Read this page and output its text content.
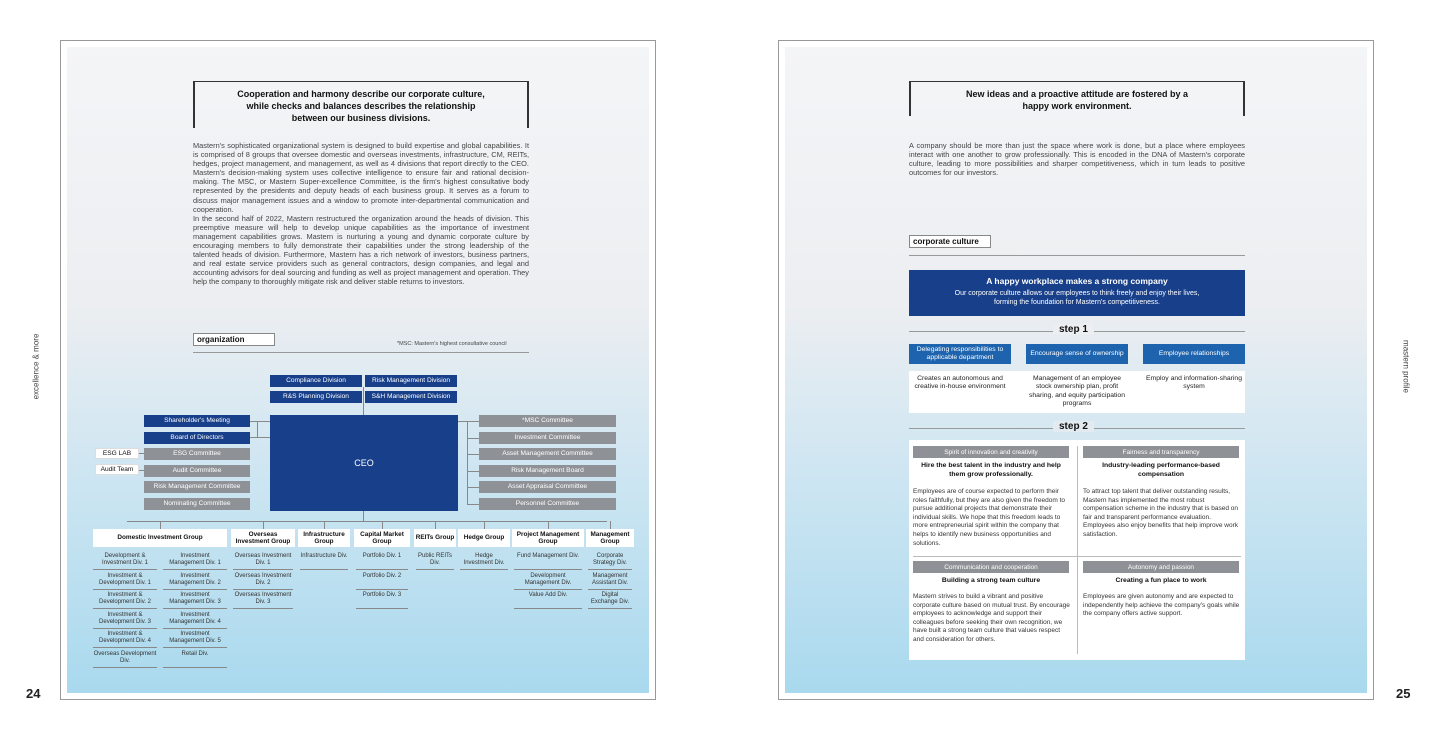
excellence & more	mastern profile
24	25
Cooperation and harmony describe our corporate culture,
while checks and balances describes the relationship
between our business divisions.

Mastern's sophisticated organizational system is designed to build expertise and global capabilities. It is comprised of 8 groups that oversee domestic and overseas investments, infrastructure, CM, REITs, hedges, project management, and management, as well as 4 divisions that report directly to the CEO. Mastern's decision-making system uses collective intelligence to ensure fair and rational decision-making. The MSC, or Mastern Super-excellence Committee, is the firm's highest consultative body represented by the presidents and deputy heads of each business group. It serves as a forum to discuss major management issues and a window to promote inter-departmental communication and cooperation.

In the second half of 2022, Mastern restructured the organization around the heads of division. This preemptive measure will help to develop unique capabilities as the importance of investment management capabilities grows. Mastern is nurturing a young and dynamic corporate culture by encouraging members to fully demonstrate their capabilities under the strong leadership of the talented heads of division. Furthermore, Mastern has a rich network of investors, business partners, and real estate service providers such as general contractors, design companies, and legal and accounting advisors for deal sourcing and funding as well as project management and operation. They help the company to thoroughly mitigate risk and deliver stable returns to investors.

organization	*MSC: Mastern's highest consultative council
Compliance Division	Risk Management Division
R&S Planning Division	S&H Management Division
CEO
Shareholder's Meeting
Board of Directors
ESG Committee
Audit Committee
Risk Management Committee
Nominating Committee
ESG LAB
Audit Team
*MSC Committee
Investment Committee
Asset Management Committee
Risk Management Board
Asset Appraisal Committee
Personnel Committee
Domestic Investment Group
Development & Investment Div. 1
Investment & Development Div. 1
Investment & Development Div. 2
Investment & Development Div. 3
Investment & Development Div. 4
Overseas Development Div.
Investment Management Div. 1
Investment Management Div. 2
Investment Management Div. 3
Investment Management Div. 4
Investment Management Div. 5
Retail Div.
Overseas Investment Group
Overseas Investment Div. 1
Overseas Investment Div. 2
Overseas Investment Div. 3
Infrastructure Group
Infrastructure Div.
Capital Market Group
Portfolio Div. 1
Portfolio Div. 2
Portfolio Div. 3
REITs Group
Public REITs Div.
Hedge Group
Hedge Investment Div.
Project Management Group
Fund Management Div.
Development Management Div.
Value Add Div.
Management Group
Corporate Strategy Div.
Management Assistant Div.
Digital Exchange Div.
New ideas and a proactive attitude are fostered by a
happy work environment.

A company should be more than just the space where work is done, but a place where employees interact with one another to grow professionally. This is encoded in the DNA of Mastern's corporate culture, leading to more possibilities and sharper competitiveness, which in turn leads to positive outcomes for our investors.

corporate culture
A happy workplace makes a strong company
Our corporate culture allows our employees to think freely and enjoy their lives,
forming the foundation for Mastern's competitiveness.
step 1
Delegating responsibilities to applicable department
Creates an autonomous and creative in-house environment
Encourage sense of ownership
Management of an employee stock ownership plan, profit sharing, and equity participation programs
Employee relationships
Employ and information-sharing system
step 2
Spirit of innovation and creativity
Hire the best talent in the industry and help them grow professionally.
Employees are of course expected to perform their roles faithfully, but they are also given the freedom to pursue additional projects that demonstrate their individual skills. We hope that this freedom leads to more entrepreneurial spirit within the company that helps to identify new business opportunities and solutions.
Fairness and transparency
Industry-leading performance-based compensation
To attract top talent that deliver outstanding results, Mastern has implemented the most robust compensation scheme in the industry that is based on fair and transparent performance evaluation. Employees also enjoy benefits that help improve work satisfaction.
Communication and cooperation
Building a strong team culture
Mastern strives to build a vibrant and positive corporate culture based on mutual trust. By encourage employees to acknowledge and support their colleagues before seeking their own recognition, we have built a strong team culture that values respect and consideration for others.
Autonomy and passion
Creating a fun place to work
Employees are given autonomy and are expected to independently help achieve the company's goals while the company offers active support.
